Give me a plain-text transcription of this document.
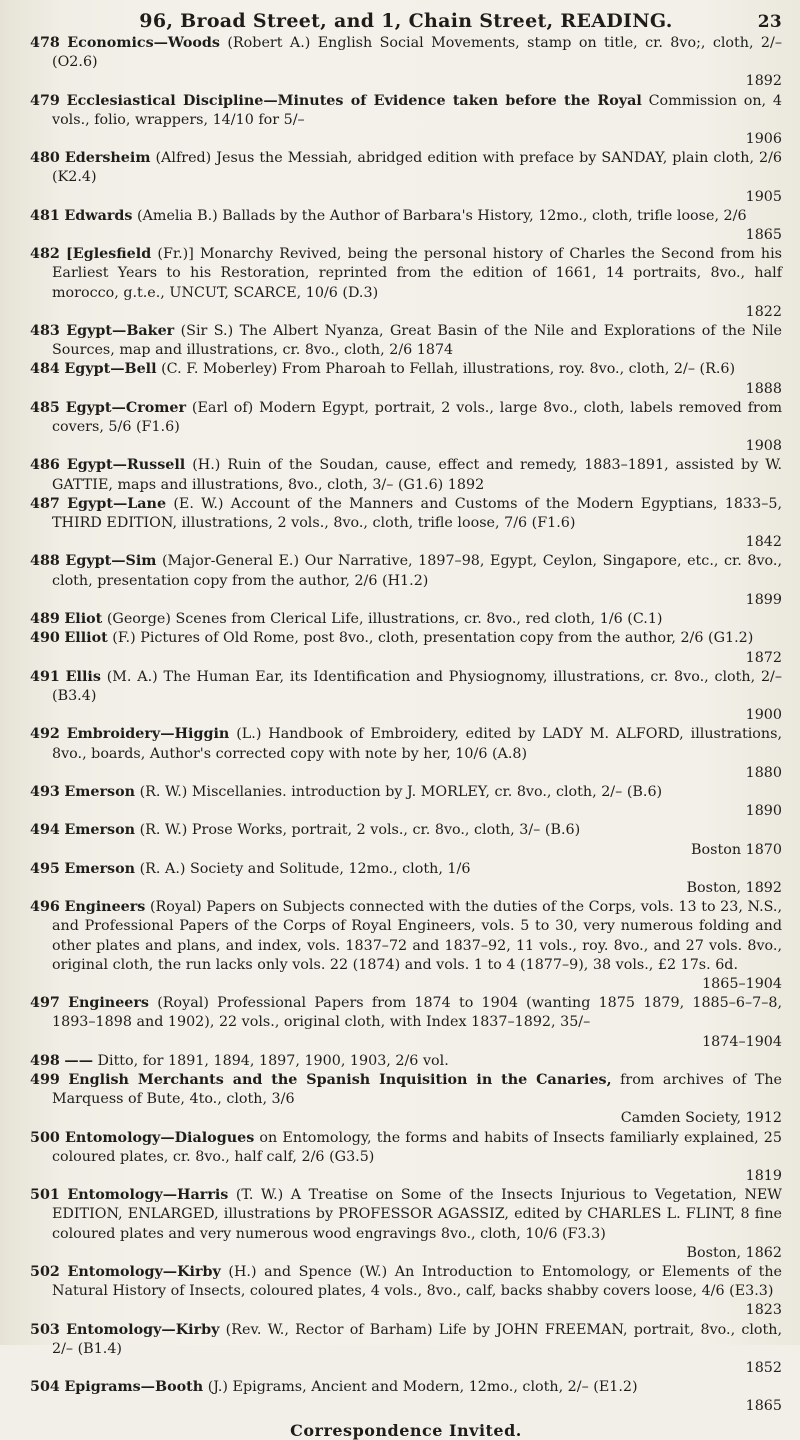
96, Broad Street, and 1, Chain Street, READING.	23

478 Economics—Woods (Robert A.) English Social Movements, stamp on title, cr. 8vo;, cloth, 2/– (O2.6)
1892

479 Ecclesiastical Discipline—Minutes of Evidence taken before the Royal Commission on, 4 vols., folio, wrappers, 14/10 for 5/–
1906

480 Edersheim (Alfred) Jesus the Messiah, abridged edition with preface by SANDAY, plain cloth, 2/6 (K2.4)
1905

481 Edwards (Amelia B.) Ballads by the Author of Barbara's History, 12mo., cloth, trifle loose, 2/6
1865

482 [Eglesfield (Fr.)] Monarchy Revived, being the personal history of Charles the Second from his Earliest Years to his Restoration, reprinted from the edition of 1661, 14 portraits, 8vo., half morocco, g.t.e., UNCUT, SCARCE, 10/6 (D.3)
1822

483 Egypt—Baker (Sir S.) The Albert Nyanza, Great Basin of the Nile and Explorations of the Nile Sources, map and illustrations, cr. 8vo., cloth, 2/6 1874

484 Egypt—Bell (C. F. Moberley) From Pharoah to Fellah, illustrations, roy. 8vo., cloth, 2/– (R.6)
1888

485 Egypt—Cromer (Earl of) Modern Egypt, portrait, 2 vols., large 8vo., cloth, labels removed from covers, 5/6 (F1.6)
1908

486 Egypt—Russell (H.) Ruin of the Soudan, cause, effect and remedy, 1883–1891, assisted by W. GATTIE, maps and illustrations, 8vo., cloth, 3/– (G1.6) 1892

487 Egypt—Lane (E. W.) Account of the Manners and Customs of the Modern Egyptians, 1833–5, THIRD EDITION, illustrations, 2 vols., 8vo., cloth, trifle loose, 7/6 (F1.6)
1842

488 Egypt—Sim (Major-General E.) Our Narrative, 1897–98, Egypt, Ceylon, Singapore, etc., cr. 8vo., cloth, presentation copy from the author, 2/6 (H1.2)
1899

489 Eliot (George) Scenes from Clerical Life, illustrations, cr. 8vo., red cloth, 1/6 (C.1)

490 Elliot (F.) Pictures of Old Rome, post 8vo., cloth, presentation copy from the author, 2/6 (G1.2)
1872

491 Ellis (M. A.) The Human Ear, its Identification and Physiognomy, illustrations, cr. 8vo., cloth, 2/– (B3.4)
1900

492 Embroidery—Higgin (L.) Handbook of Embroidery, edited by LADY M. ALFORD, illustrations, 8vo., boards, Author's corrected copy with note by her, 10/6 (A.8)
1880

493 Emerson (R. W.) Miscellanies. introduction by J. MORLEY, cr. 8vo., cloth, 2/– (B.6)
1890

494 Emerson (R. W.) Prose Works, portrait, 2 vols., cr. 8vo., cloth, 3/– (B.6)
Boston 1870

495 Emerson (R. A.) Society and Solitude, 12mo., cloth, 1/6
Boston, 1892

496 Engineers (Royal) Papers on Subjects connected with the duties of the Corps, vols. 13 to 23, N.S., and Professional Papers of the Corps of Royal Engineers, vols. 5 to 30, very numerous folding and other plates and plans, and index, vols. 1837–72 and 1837–92, 11 vols., roy. 8vo., and 27 vols. 8vo., original cloth, the run lacks only vols. 22 (1874) and vols. 1 to 4 (1877–9), 38 vols., £2 17s. 6d.
1865–1904

497 Engineers (Royal) Professional Papers from 1874 to 1904 (wanting 1875 1879, 1885–6–7–8, 1893–1898 and 1902), 22 vols., original cloth, with Index 1837–1892, 35/–
1874–1904

498 —— Ditto, for 1891, 1894, 1897, 1900, 1903, 2/6 vol.

499 English Merchants and the Spanish Inquisition in the Canaries, from archives of The Marquess of Bute, 4to., cloth, 3/6
Camden Society, 1912

500 Entomology—Dialogues on Entomology, the forms and habits of Insects familiarly explained, 25 coloured plates, cr. 8vo., half calf, 2/6 (G3.5)
1819

501 Entomology—Harris (T. W.) A Treatise on Some of the Insects Injurious to Vegetation, NEW EDITION, ENLARGED, illustrations by PROFESSOR AGASSIZ, edited by CHARLES L. FLINT, 8 fine coloured plates and very numerous wood engravings 8vo., cloth, 10/6 (F3.3)
Boston, 1862

502 Entomology—Kirby (H.) and Spence (W.) An Introduction to Entomology, or Elements of the Natural History of Insects, coloured plates, 4 vols., 8vo., calf, backs shabby covers loose, 4/6 (E3.3)
1823

503 Entomology—Kirby (Rev. W., Rector of Barham) Life by JOHN FREEMAN, portrait, 8vo., cloth, 2/– (B1.4)
1852

504 Epigrams—Booth (J.) Epigrams, Ancient and Modern, 12mo., cloth, 2/– (E1.2)
1865

Correspondence Invited.
